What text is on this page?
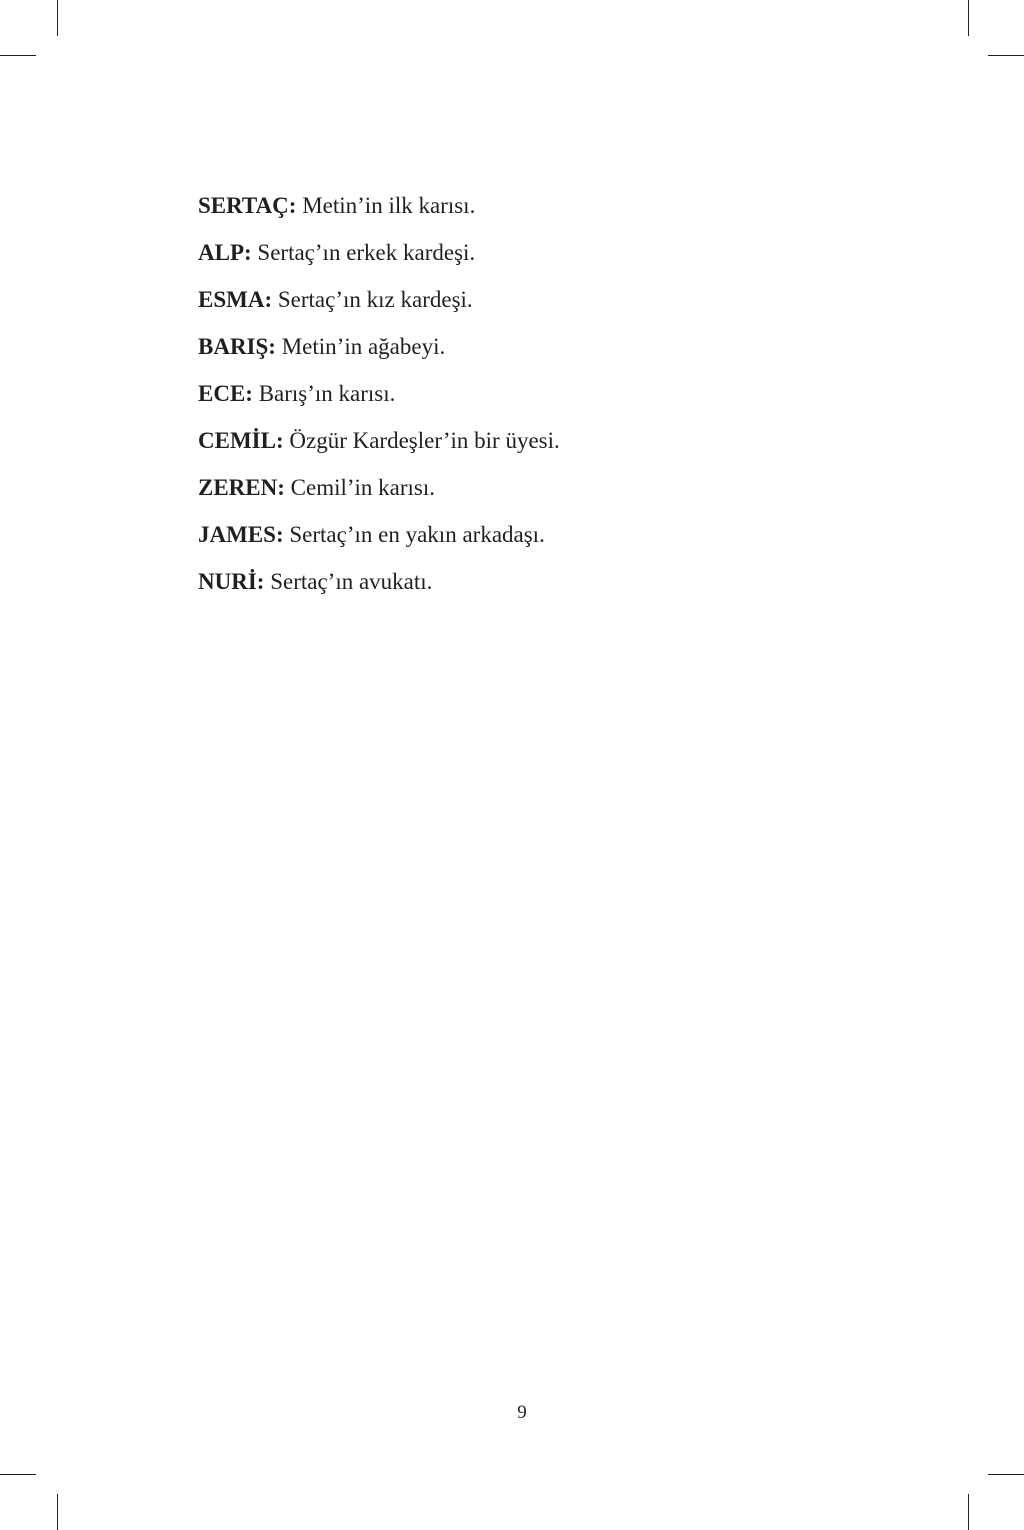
SERTAÇ: Metin’in ilk karısı.
ALP: Sertaç’ın erkek kardeşi.
ESMA: Sertaç’ın kız kardeşi.
BARIŞ: Metin’in ağabeyi.
ECE: Barış’ın karısı.
CEMİL: Özgür Kardeşler’in bir üyesi.
ZEREN: Cemil’in karısı.
JAMES: Sertaç’ın en yakın arkadaşı.
NURİ: Sertaç’ın avukatı.
9
